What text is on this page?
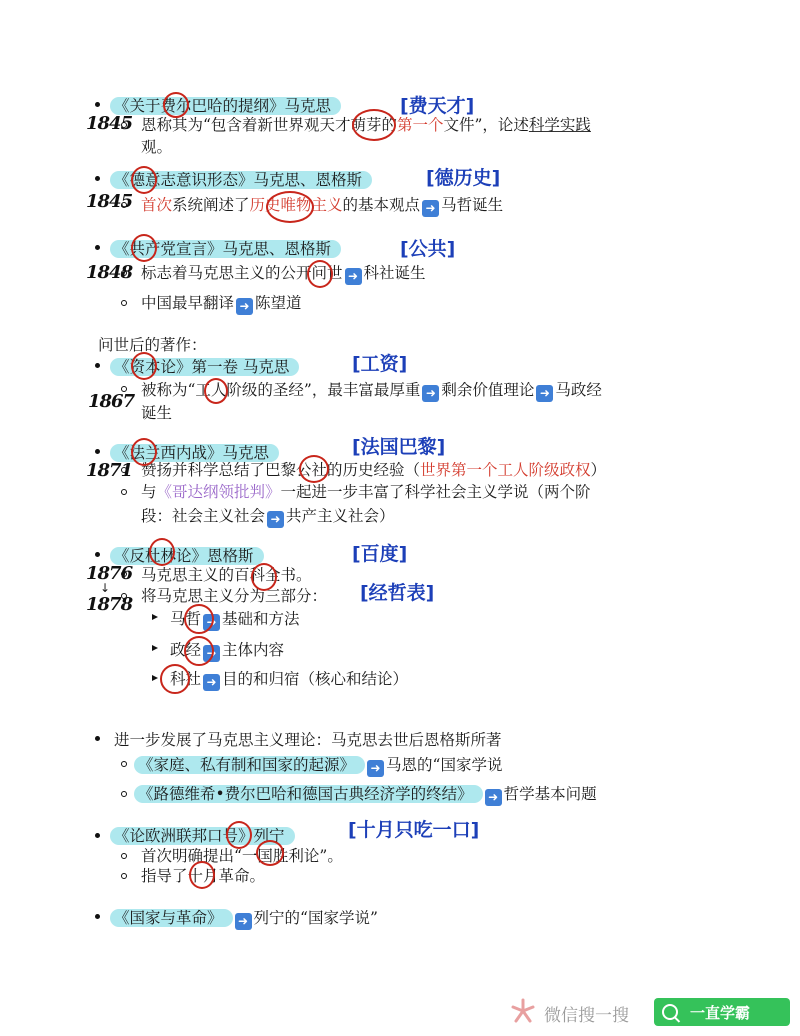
《关于费尔巴哈的提纲》马克思	[费天才]
1845 恩称其为“包含着新世界观天才萌芽的第一个文件”，论述科学实践
观。
《德意志意识形态》马克思、恩格斯	[德历史]
1845 首次系统阐述了历史唯物主义的基本观点 ➜ 马哲诞生
《共产党宣言》马克思、恩格斯	[公共]
1848 标志着马克思主义的公开问世 ➜ 科社诞生
中国最早翻译 ➜ 陈望道
问世后的著作：
《资本论》第一卷 马克思	[工资]
1867
被称为“工人阶级的圣经”，最丰富最厚重 ➜ 剩余价值理论 ➜ 马政经
诞生
《法兰西内战》马克思	[法国巴黎]
1871 赞扬并科学总结了巴黎公社的历史经验（世界第一个工人阶级政权）
与《哥达纲领批判》一起进一步丰富了科学社会主义学说（两个阶
段：社会主义社会 ➜ 共产主义社会）
《反杜林论》恩格斯	[百度]
1876
↓
1878
马克思主义的百科全书。
将马克思主义分为三部分： [经哲表]
马哲 ➜ 基础和方法
政经 ➜ 主体内容
科社 ➜ 目的和归宿（核心和结论）
进一步发展了马克思主义理论：马克思去世后恩格斯所著
《家庭、私有制和国家的起源》 ➜ 马恩的“国家学说
《路德维希•费尔巴哈和德国古典经济学的终结》 ➜ 哲学基本问题
《论欧洲联邦口号》列宁	[十月只吃一口]
首次明确提出“一国胜利论”。
指导了十月革命。
《国家与革命》 ➜ 列宁的“国家学说”
微信搜一搜	一直学霸
